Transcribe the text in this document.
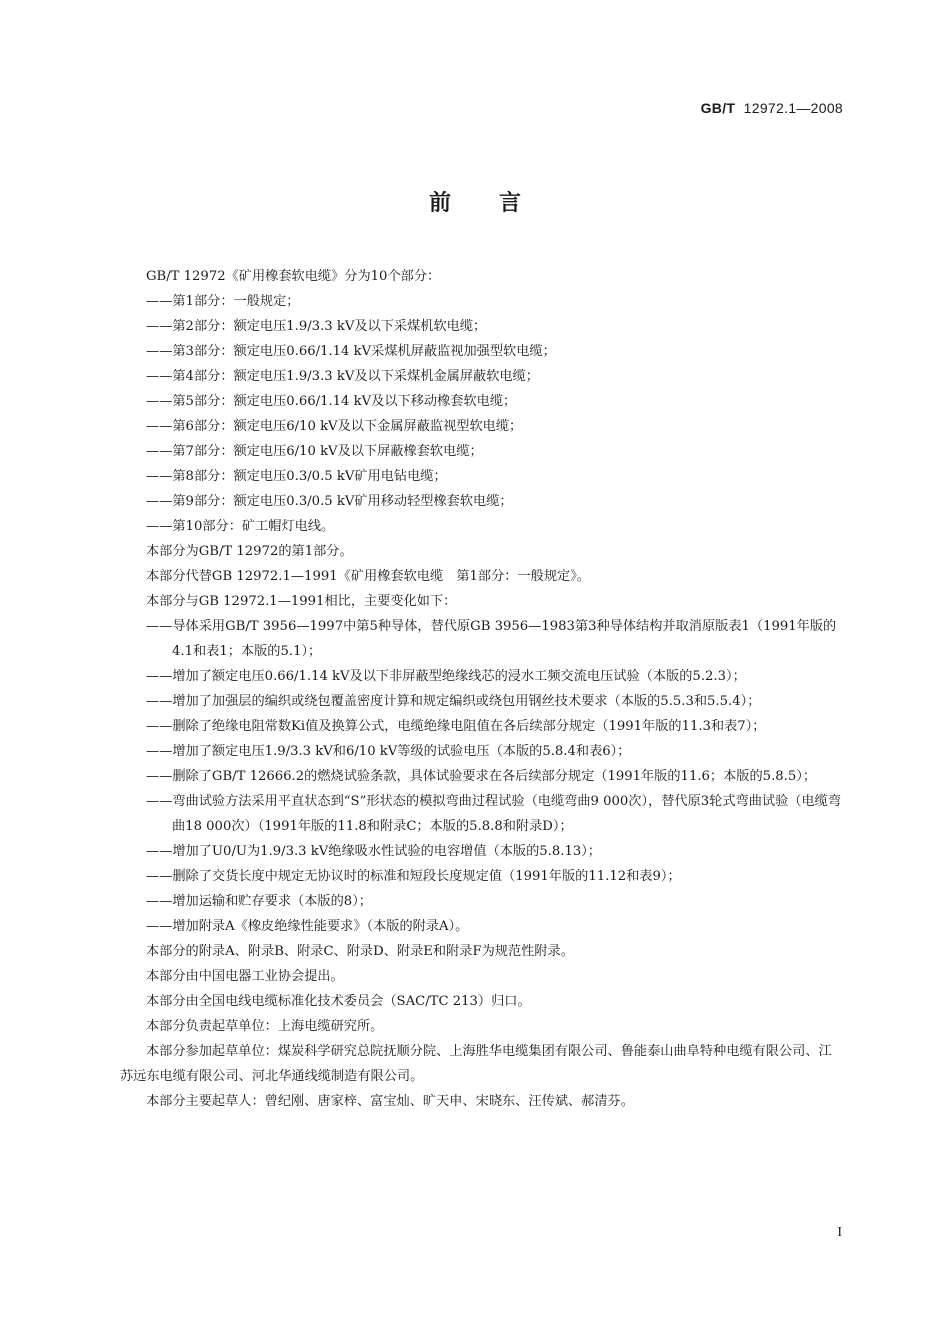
GB/T 12972.1—2008
前言

GB/T 12972《矿用橡套软电缆》分为10个部分：

——第1部分：一般规定；

——第2部分：额定电压1.9/3.3 kV及以下采煤机软电缆；

——第3部分：额定电压0.66/1.14 kV采煤机屏蔽监视加强型软电缆；

——第4部分：额定电压1.9/3.3 kV及以下采煤机金属屏蔽软电缆；

——第5部分：额定电压0.66/1.14 kV及以下移动橡套软电缆；

——第6部分：额定电压6/10 kV及以下金属屏蔽监视型软电缆；

——第7部分：额定电压6/10 kV及以下屏蔽橡套软电缆；

——第8部分：额定电压0.3/0.5 kV矿用电钻电缆；

——第9部分：额定电压0.3/0.5 kV矿用移动轻型橡套软电缆；

——第10部分：矿工帽灯电线。

本部分为GB/T 12972的第1部分。

本部分代替GB 12972.1—1991《矿用橡套软电缆　第1部分：一般规定》。

本部分与GB 12972.1—1991相比，主要变化如下：

——导体采用GB/T 3956—1997中第5种导体，替代原GB 3956—1983第3种导体结构并取消原版表1（1991年版的4.1和表1；本版的5.1）；

——增加了额定电压0.66/1.14 kV及以下非屏蔽型绝缘线芯的浸水工频交流电压试验（本版的5.2.3）；

——增加了加强层的编织或绕包覆盖密度计算和规定编织或绕包用钢丝技术要求（本版的5.5.3和5.5.4）；

——删除了绝缘电阻常数Ki值及换算公式，电缆绝缘电阻值在各后续部分规定（1991年版的11.3和表7）；

——增加了额定电压1.9/3.3 kV和6/10 kV等级的试验电压（本版的5.8.4和表6）；

——删除了GB/T 12666.2的燃烧试验条款，具体试验要求在各后续部分规定（1991年版的11.6；本版的5.8.5）；

——弯曲试验方法采用平直状态到“S”形状态的模拟弯曲过程试验（电缆弯曲9 000次），替代原3轮式弯曲试验（电缆弯曲18 000次）（1991年版的11.8和附录C；本版的5.8.8和附录D）；

——增加了U0/U为1.9/3.3 kV绝缘吸水性试验的电容增值（本版的5.8.13）；

——删除了交货长度中规定无协议时的标准和短段长度规定值（1991年版的11.12和表9）；

——增加运输和贮存要求（本版的8）；

——增加附录A《橡皮绝缘性能要求》（本版的附录A）。

本部分的附录A、附录B、附录C、附录D、附录E和附录F为规范性附录。

本部分由中国电器工业协会提出。

本部分由全国电线电缆标准化技术委员会（SAC/TC 213）归口。

本部分负责起草单位：上海电缆研究所。

本部分参加起草单位：煤炭科学研究总院抚顺分院、上海胜华电缆集团有限公司、鲁能泰山曲阜特种电缆有限公司、江苏远东电缆有限公司、河北华通线缆制造有限公司。

本部分主要起草人：曾纪刚、唐家梓、富宝灿、旷天申、宋晓东、汪传斌、郝清芬。

I
